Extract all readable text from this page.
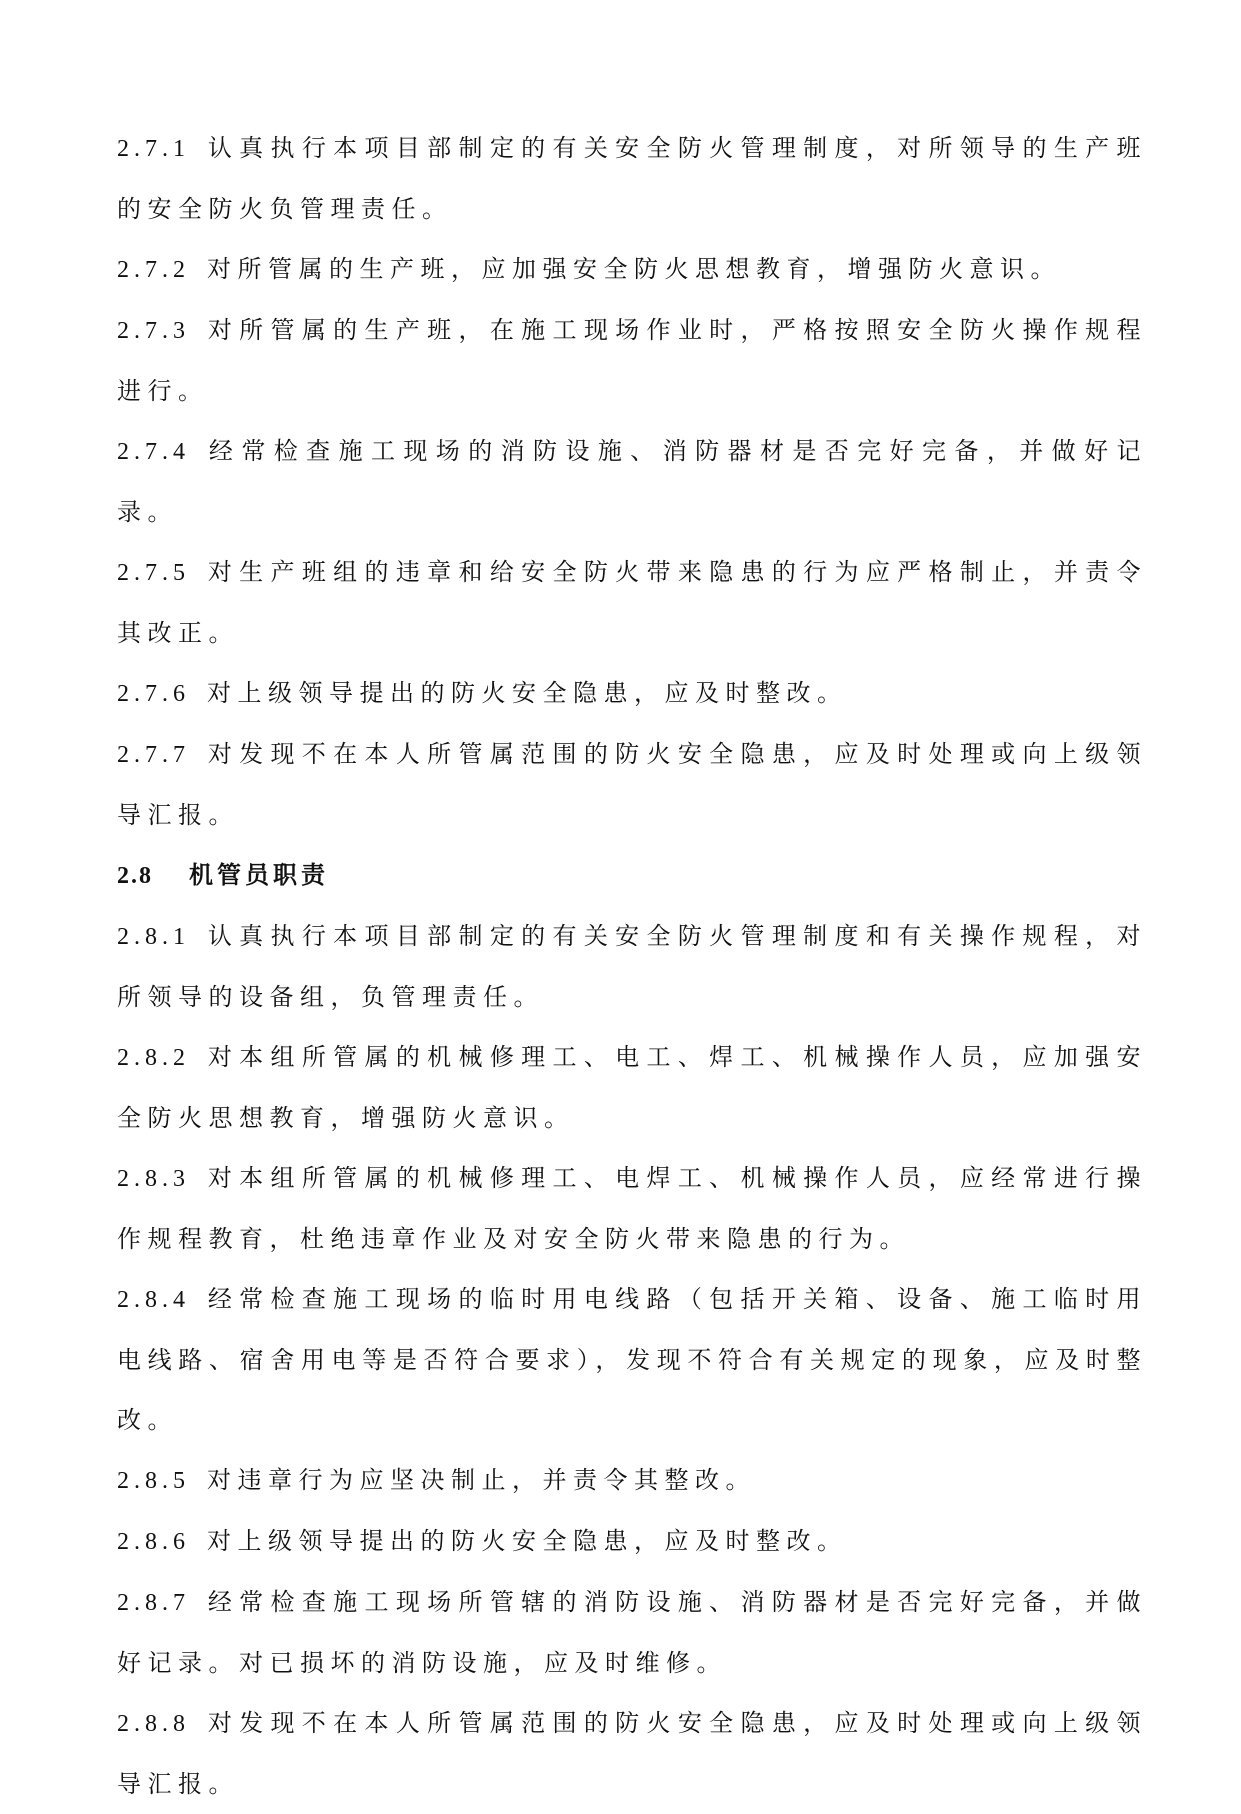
2.7.1 认真执行本项目部制定的有关安全防火管理制度，对所领导的生产班的安全防火负管理责任。

2.7.2 对所管属的生产班，应加强安全防火思想教育，增强防火意识。

2.7.3 对所管属的生产班，在施工现场作业时，严格按照安全防火操作规程进行。

2.7.4 经常检查施工现场的消防设施、消防器材是否完好完备，并做好记录。

2.7.5 对生产班组的违章和给安全防火带来隐患的行为应严格制止，并责令其改正。

2.7.6 对上级领导提出的防火安全隐患，应及时整改。

2.7.7 对发现不在本人所管属范围的防火安全隐患，应及时处理或向上级领导汇报。

2.8 机管员职责

2.8.1 认真执行本项目部制定的有关安全防火管理制度和有关操作规程，对所领导的设备组，负管理责任。

2.8.2 对本组所管属的机械修理工、电工、焊工、机械操作人员，应加强安全防火思想教育，增强防火意识。

2.8.3 对本组所管属的机械修理工、电焊工、机械操作人员，应经常进行操作规程教育，杜绝违章作业及对安全防火带来隐患的行为。

2.8.4 经常检查施工现场的临时用电线路（包括开关箱、设备、施工临时用电线路、宿舍用电等是否符合要求），发现不符合有关规定的现象，应及时整改。

2.8.5 对违章行为应坚决制止，并责令其整改。

2.8.6 对上级领导提出的防火安全隐患，应及时整改。

2.8.7 经常检查施工现场所管辖的消防设施、消防器材是否完好完备，并做好记录。对已损坏的消防设施，应及时维修。

2.8.8 对发现不在本人所管属范围的防火安全隐患，应及时处理或向上级领导汇报。
